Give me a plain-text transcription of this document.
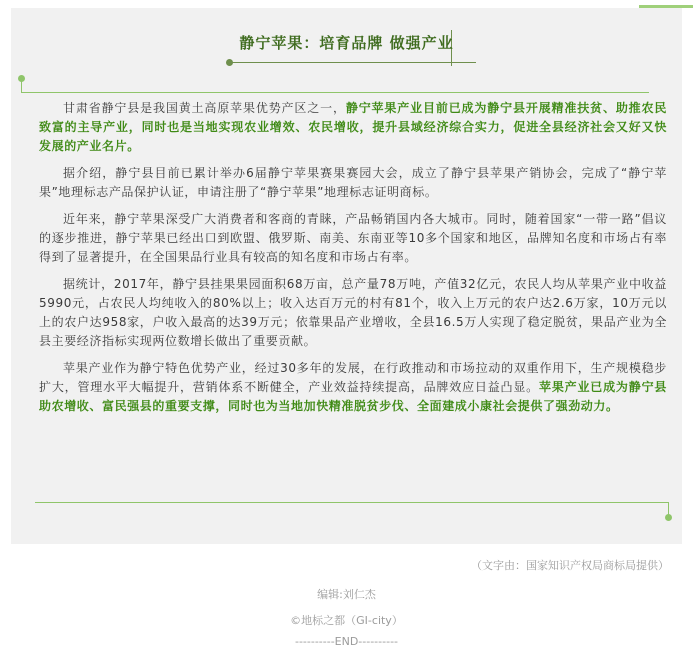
静宁苹果：培育品牌 做强产业

甘肃省静宁县是我国黄土高原苹果优势产区之一，静宁苹果产业目前已成为静宁县开展精准扶贫、助推农民致富的主导产业，同时也是当地实现农业增效、农民增收，提升县域经济综合实力，促进全县经济社会又好又快发展的产业名片。

据介绍，静宁县目前已累计举办6届静宁苹果赛果赛园大会，成立了静宁县苹果产销协会，完成了“静宁苹果”地理标志产品保护认证，申请注册了“静宁苹果”地理标志证明商标。

近年来，静宁苹果深受广大消费者和客商的青睐，产品畅销国内各大城市。同时，随着国家“一带一路”倡议的逐步推进，静宁苹果已经出口到欧盟、俄罗斯、南美、东南亚等10多个国家和地区，品牌知名度和市场占有率得到了显著提升，在全国果品行业具有较高的知名度和市场占有率。

据统计，2017年，静宁县挂果果园面积68万亩，总产量78万吨，产值32亿元，农民人均从苹果产业中收益5990元，占农民人均纯收入的80%以上；收入达百万元的村有81个，收入上万元的农户达2.6万家，10万元以上的农户达958家，户收入最高的达39万元；依靠果品产业增收，全县16.5万人实现了稳定脱贫，果品产业为全县主要经济指标实现两位数增长做出了重要贡献。

苹果产业作为静宁特色优势产业，经过30多年的发展，在行政推动和市场拉动的双重作用下，生产规模稳步扩大，管理水平大幅提升，营销体系不断健全，产业效益持续提高，品牌效应日益凸显。苹果产业已成为静宁县助农增收、富民强县的重要支撑，同时也为当地加快精准脱贫步伐、全面建成小康社会提供了强劲动力。

（文字由：国家知识产权局商标局提供）
编辑:刘仁杰
©地标之都（GI-city）
----------END----------
